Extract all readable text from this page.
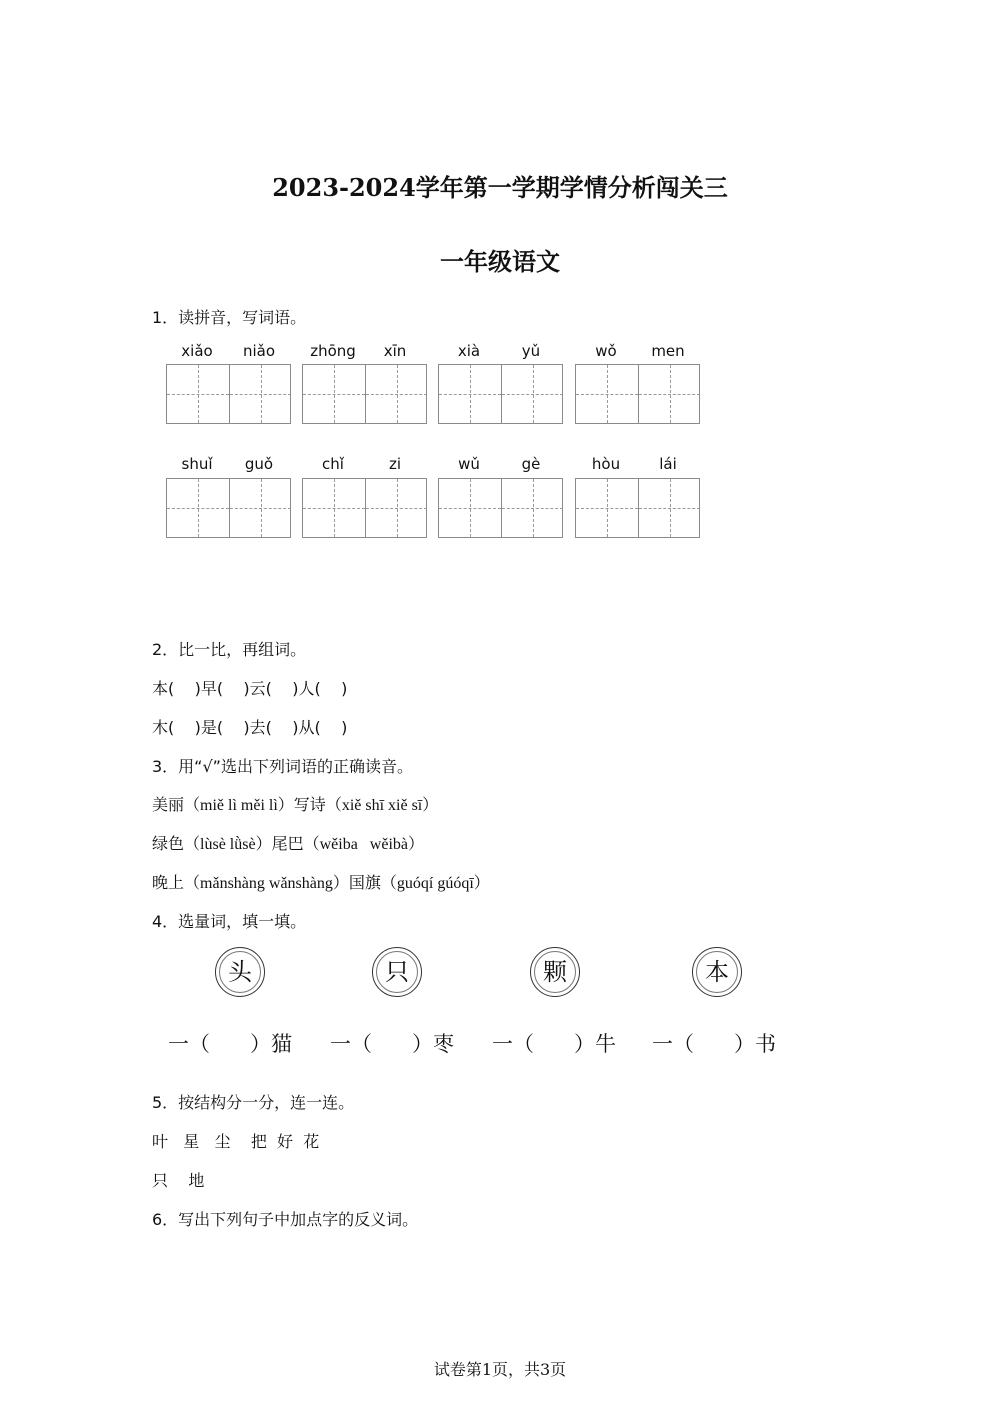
2023-2024学年第一学期学情分析闯关三
一年级语文
1．读拼音，写词语。
xiǎo	niǎo	zhōng	xīn	xià	yǔ	wǒ	men
shuǐ	guǒ	chǐ	zi	wǔ	gè	hòu	lái
2．比一比，再组词。
本(    )早(    )云(    )人(    )
木(    )是(    )去(    )从(    )
3．用“√”选出下列词语的正确读音。
美丽（miě lì měi lì）写诗（xiě shī xiě sī）
绿色（lùsè lǜsè）尾巴（wěiba   wěibà）
晚上（mǎnshàng wǎnshàng）国旗（guóqí gúóqī）
4．选量词，填一填。
头	只	颗	本
一（      ）猫 一（      ）枣 一（      ）牛 一（      ）书
5．按结构分一分，连一连。
叶   星   尘    把  好  花
只    地
6．写出下列句子中加点字的反义词。
试卷第1页，共3页
